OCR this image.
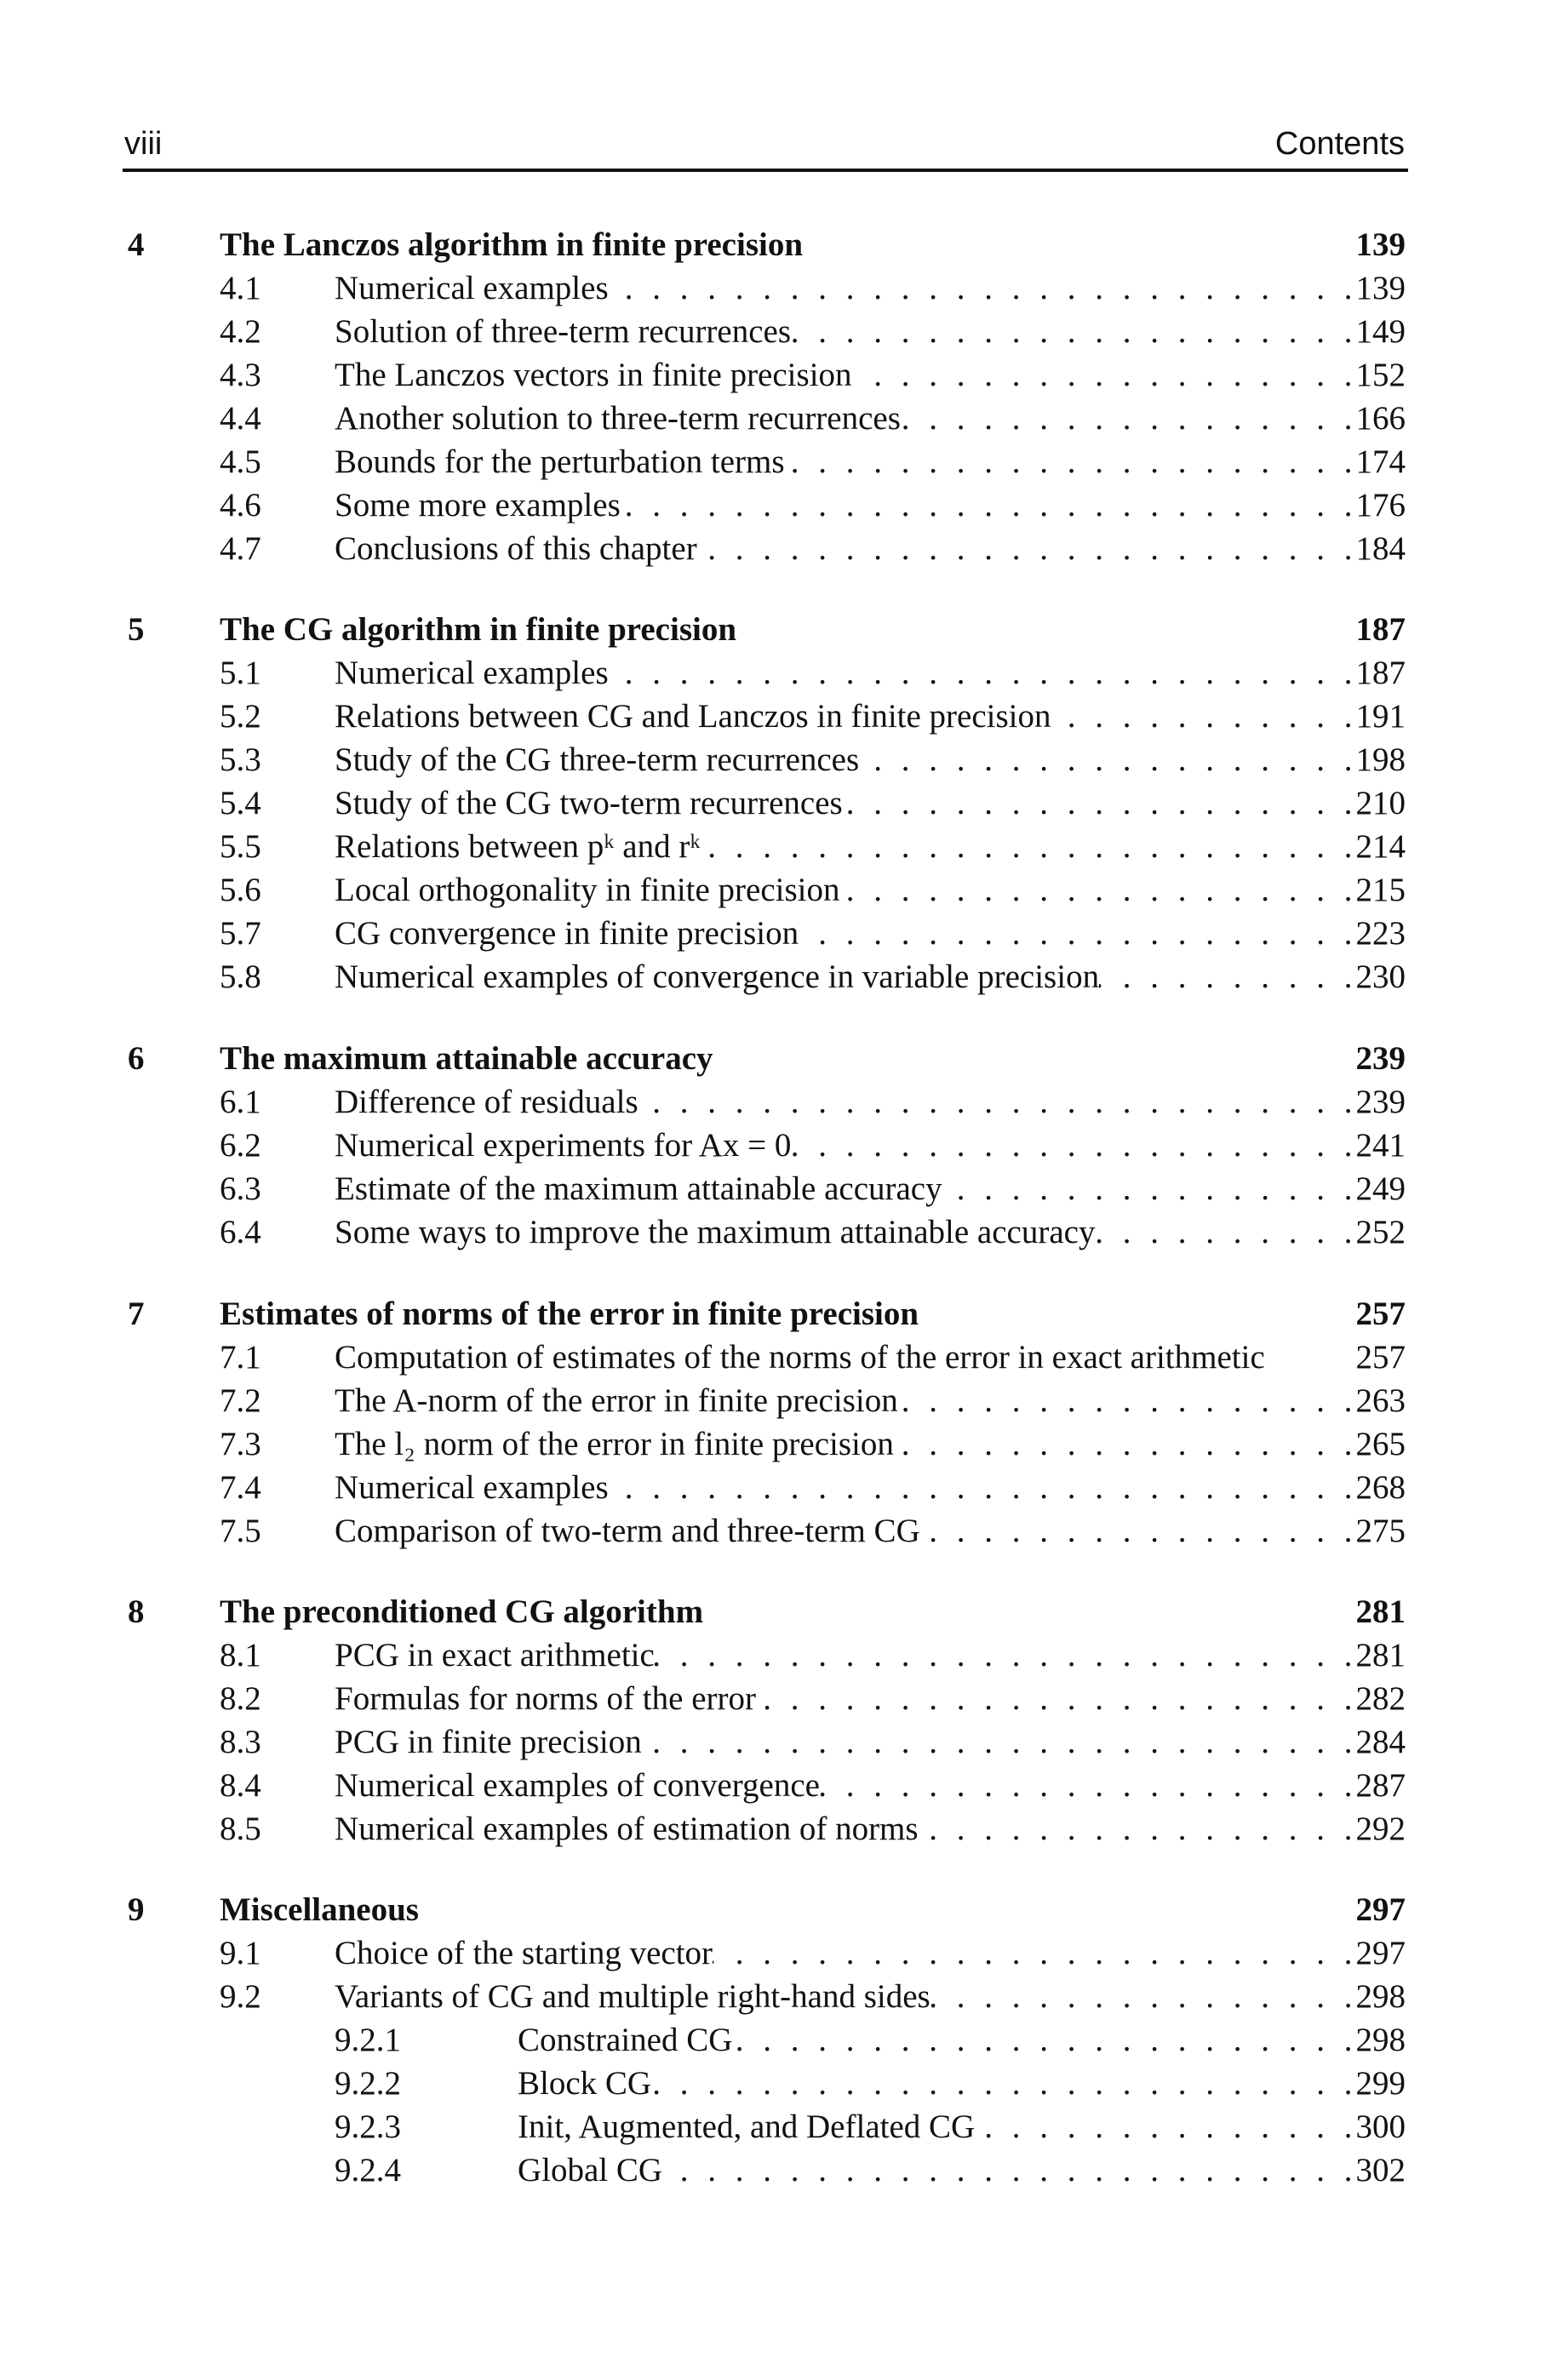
viii	Contents
4 The Lanczos algorithm in finite precision	139
4.1 Numerical examples . . .	139
4.2 Solution of three-term recurrences . . .	149
4.3 The Lanczos vectors in finite precision . . .	152
4.4 Another solution to three-term recurrences . . .	166
4.5 Bounds for the perturbation terms . . .	174
4.6 Some more examples . . .	176
4.7 Conclusions of this chapter . . .	184
5 The CG algorithm in finite precision	187
5.1 Numerical examples . . .	187
5.2 Relations between CG and Lanczos in finite precision . . .	191
5.3 Study of the CG three-term recurrences . . .	198
5.4 Study of the CG two-term recurrences . . .	210
5.5 Relations between pᵏ and rᵏ . . .	214
5.6 Local orthogonality in finite precision . . .	215
5.7 CG convergence in finite precision . . .	223
5.8 Numerical examples of convergence in variable precision . . .	230
6 The maximum attainable accuracy	239
6.1 Difference of residuals . . .	239
6.2 Numerical experiments for Ax = 0 . . .	241
6.3 Estimate of the maximum attainable accuracy . . .	249
6.4 Some ways to improve the maximum attainable accuracy . . .	252
7 Estimates of norms of the error in finite precision	257
7.1 Computation of estimates of the norms of the error in exact arithmetic	257
7.2 The A-norm of the error in finite precision . . .	263
7.3 The l₂ norm of the error in finite precision . . .	265
7.4 Numerical examples . . .	268
7.5 Comparison of two-term and three-term CG . . .	275
8 The preconditioned CG algorithm	281
8.1 PCG in exact arithmetic . . .	281
8.2 Formulas for norms of the error . . .	282
8.3 PCG in finite precision . . .	284
8.4 Numerical examples of convergence . . .	287
8.5 Numerical examples of estimation of norms . . .	292
9 Miscellaneous	297
9.1 Choice of the starting vector . . .	297
9.2 Variants of CG and multiple right-hand sides . . .	298
9.2.1	Constrained CG . . .	298
9.2.2	Block CG . . .	299
9.2.3	Init, Augmented, and Deflated CG . . .	300
9.2.4	Global CG . . .	302
